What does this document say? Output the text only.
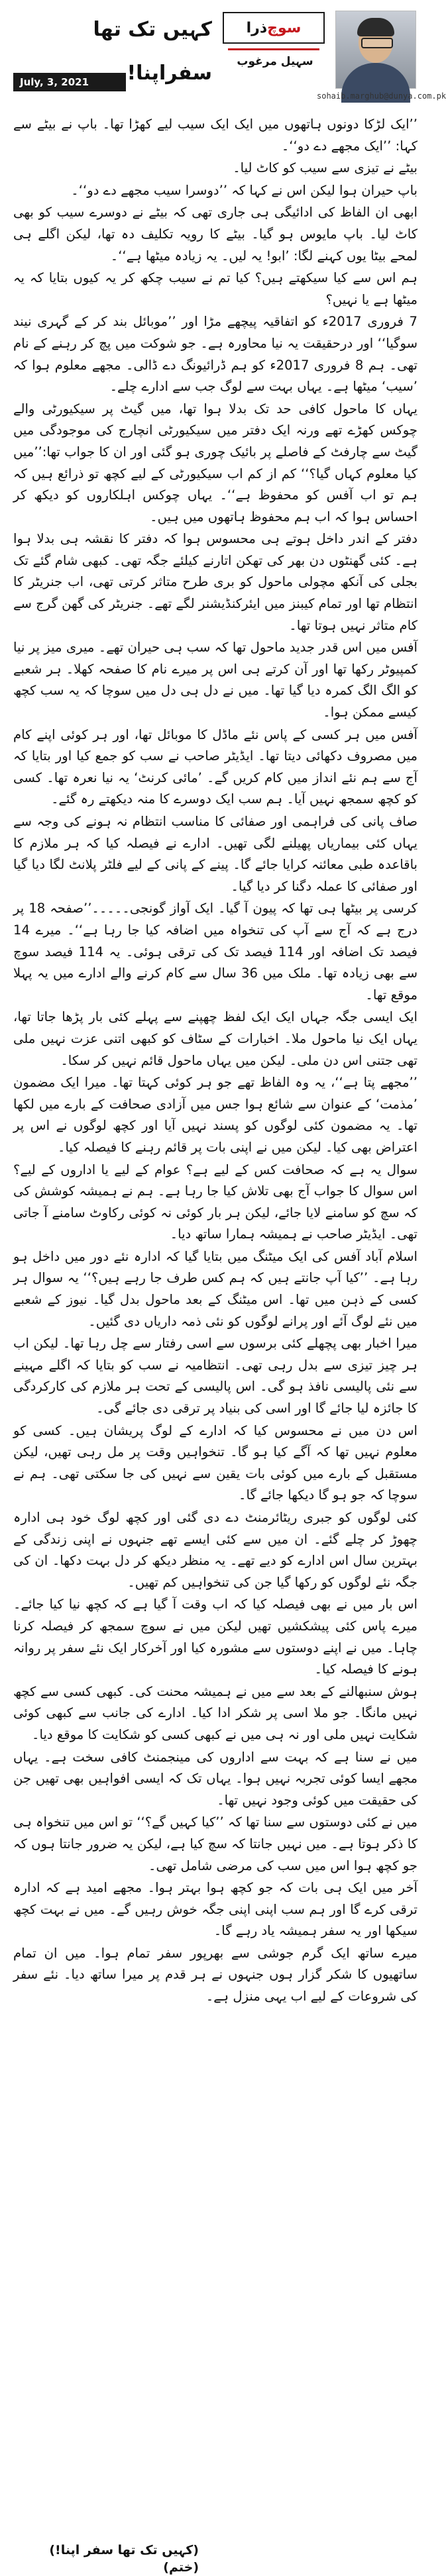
سوچ
ذرا
سہیل مرغوب
sohaib.marghub@dunya.com.pk
کہیں تک تھا سفراپنا!
July, 3, 2021

’’ایک لڑکا دونوں ہاتھوں میں ایک ایک سیب لیے کھڑا تھا۔ باپ نے بیٹے سے کہا: ’’ایک مجھے دے دو‘‘۔

بیٹے نے تیزی سے سیب کو کاٹ لیا۔

باپ حیران ہوا لیکن اس نے کہا کہ ’’دوسرا سیب مجھے دے دو‘‘۔

ابھی ان الفاظ کی ادائیگی ہی جاری تھی کہ بیٹے نے دوسرے سیب کو بھی کاٹ لیا۔ باپ مایوس ہو گیا۔ بیٹے کا رویہ تکلیف دہ تھا، لیکن اگلے ہی لمحے بیٹا یوں کہنے لگا: ’ابو! یہ لیں۔ یہ زیادہ میٹھا ہے‘‘۔

ہم اس سے کیا سیکھتے ہیں؟ کیا تم نے سیب چکھ کر یہ کیوں بتایا کہ یہ میٹھا ہے یا نہیں؟

7 فروری 2017ء کو اتفاقیہ پیچھے مڑا اور ’’موبائل بند کر کے گہری نیند سوگیا‘‘ اور درحقیقت یہ نیا محاورہ ہے۔ جو شوکت میں پچ کر رہنے کے نام تھی۔ ہم 8 فروری 2017ء کو ہم ڈرائیونگ دے ڈالی۔ مجھے معلوم ہوا کہ ’سیب‘ میٹھا ہے۔ یہاں بہت سے لوگ جب سے ادارے چلے۔

یہاں کا ماحول کافی حد تک بدلا ہوا تھا، میں گیٹ پر سیکیورٹی والے چوکس کھڑے تھے ورنہ ایک دفتر میں سیکیورٹی انچارج کی موجودگی میں گیٹ سے چارفٹ کے فاصلے پر بائیک چوری ہو گئی اور ان کا جواب تھا:’’میں کیا معلوم کہاں گیا؟‘‘ کم از کم اب سیکیورٹی کے لیے کچھ تو ذرائع ہیں کہ ہم تو اب آفس کو محفوظ ہے‘‘۔ یہاں چوکس اہلکاروں کو دیکھ کر احساس ہوا کہ اب ہم محفوظ ہاتھوں میں ہیں۔

دفتر کے اندر داخل ہوتے ہی محسوس ہوا کہ دفتر کا نقشہ ہی بدلا ہوا ہے۔ کئی گھنٹوں دن بھر کی تھکن اتارنے کیلئے جگہ تھی۔ کبھی شام گئے تک بجلی کی آنکھ مچولی ماحول کو بری طرح متاثر کرتی تھی، اب جنریٹر کا انتظام تھا اور تمام کیبنز میں ایئرکنڈیشنر لگے تھے۔ جنریٹر کی گھن گرج سے کام متاثر نہیں ہوتا تھا۔

آفس میں اس قدر جدید ماحول تھا کہ سب ہی حیران تھے۔ میری میز پر نیا کمپیوٹر رکھا تھا اور آن کرتے ہی اس پر میرے نام کا صفحہ کھلا۔ ہر شعبے کو الگ الگ کمرہ دیا گیا تھا۔ میں نے دل ہی دل میں سوچا کہ یہ سب کچھ کیسے ممکن ہوا۔

آفس میں ہر کسی کے پاس نئے ماڈل کا موبائل تھا، اور ہر کوئی اپنے کام میں مصروف دکھائی دیتا تھا۔ ایڈیٹر صاحب نے سب کو جمع کیا اور بتایا کہ آج سے ہم نئے انداز میں کام کریں گے۔ ’مائی کرنٹ‘ یہ نیا نعرہ تھا۔ کسی کو کچھ سمجھ نہیں آیا۔ ہم سب ایک دوسرے کا منہ دیکھتے رہ گئے۔

صاف پانی کی فراہمی اور صفائی کا مناسب انتظام نہ ہونے کی وجہ سے یہاں کئی بیماریاں پھیلنے لگی تھیں۔ ادارے نے فیصلہ کیا کہ ہر ملازم کا باقاعدہ طبی معائنہ کرایا جائے گا۔ پینے کے پانی کے لیے فلٹر پلانٹ لگا دیا گیا اور صفائی کا عملہ دگنا کر دیا گیا۔

کرسی پر بیٹھا ہی تھا کہ پیون آ گیا۔ ایک آواز گونجی۔۔۔۔۔’’صفحہ 18 پر درج ہے کہ آج سے آپ کی تنخواہ میں اضافہ کیا جا رہا ہے‘‘۔ میرے 14 فیصد تک اضافہ اور 114 فیصد تک کی ترقی ہوئی۔ یہ 114 فیصد سوچ سے بھی زیادہ تھا۔ ملک میں 36 سال سے کام کرنے والے ادارے میں یہ پہلا موقع تھا۔

ایک ایسی جگہ جہاں ایک ایک لفظ چھپنے سے پہلے کئی بار پڑھا جاتا تھا، یہاں ایک نیا ماحول ملا۔ اخبارات کے سٹاف کو کبھی اتنی عزت نہیں ملی تھی جتنی اس دن ملی۔ لیکن میں یہاں ماحول قائم نہیں کر سکا۔

’’مجھے پتا ہے‘‘، یہ وہ الفاظ تھے جو ہر کوئی کہتا تھا۔ میرا ایک مضمون ’مذمت‘ کے عنوان سے شائع ہوا جس میں آزادی صحافت کے بارے میں لکھا تھا۔ یہ مضمون کئی لوگوں کو پسند نہیں آیا اور کچھ لوگوں نے اس پر اعتراض بھی کیا۔ لیکن میں نے اپنی بات پر قائم رہنے کا فیصلہ کیا۔

سوال یہ ہے کہ صحافت کس کے لیے ہے؟ عوام کے لیے یا اداروں کے لیے؟ اس سوال کا جواب آج بھی تلاش کیا جا رہا ہے۔ ہم نے ہمیشہ کوشش کی کہ سچ کو سامنے لایا جائے، لیکن ہر بار کوئی نہ کوئی رکاوٹ سامنے آ جاتی تھی۔ ایڈیٹر صاحب نے ہمیشہ ہمارا ساتھ دیا۔

اسلام آباد آفس کی ایک میٹنگ میں بتایا گیا کہ ادارہ نئے دور میں داخل ہو رہا ہے۔ ’’کیا آپ جانتے ہیں کہ ہم کس طرف جا رہے ہیں؟‘‘ یہ سوال ہر کسی کے ذہن میں تھا۔ اس میٹنگ کے بعد ماحول بدل گیا۔ نیوز کے شعبے میں نئے لوگ آئے اور پرانے لوگوں کو نئی ذمہ داریاں دی گئیں۔

میرا اخبار بھی پچھلے کئی برسوں سے اسی رفتار سے چل رہا تھا۔ لیکن اب ہر چیز تیزی سے بدل رہی تھی۔ انتظامیہ نے سب کو بتایا کہ اگلے مہینے سے نئی پالیسی نافذ ہو گی۔ اس پالیسی کے تحت ہر ملازم کی کارکردگی کا جائزہ لیا جائے گا اور اسی کی بنیاد پر ترقی دی جائے گی۔

اس دن میں نے محسوس کیا کہ ادارے کے لوگ پریشان ہیں۔ کسی کو معلوم نہیں تھا کہ آگے کیا ہو گا۔ تنخواہیں وقت پر مل رہی تھیں، لیکن مستقبل کے بارے میں کوئی بات یقین سے نہیں کی جا سکتی تھی۔ ہم نے سوچا کہ جو ہو گا دیکھا جائے گا۔

کئی لوگوں کو جبری ریٹائرمنٹ دے دی گئی اور کچھ لوگ خود ہی ادارہ چھوڑ کر چلے گئے۔ ان میں سے کئی ایسے تھے جنہوں نے اپنی زندگی کے بہترین سال اس ادارے کو دیے تھے۔ یہ منظر دیکھ کر دل بہت دکھا۔ ان کی جگہ نئے لوگوں کو رکھا گیا جن کی تنخواہیں کم تھیں۔

اس بار میں نے بھی فیصلہ کیا کہ اب وقت آ گیا ہے کہ کچھ نیا کیا جائے۔ میرے پاس کئی پیشکشیں تھیں لیکن میں نے سوچ سمجھ کر فیصلہ کرنا چاہا۔ میں نے اپنے دوستوں سے مشورہ کیا اور آخرکار ایک نئے سفر پر روانہ ہونے کا فیصلہ کیا۔

ہوش سنبھالنے کے بعد سے میں نے ہمیشہ محنت کی۔ کبھی کسی سے کچھ نہیں مانگا۔ جو ملا اسی پر شکر ادا کیا۔ ادارے کی جانب سے کبھی کوئی شکایت نہیں ملی اور نہ ہی میں نے کبھی کسی کو شکایت کا موقع دیا۔

میں نے سنا ہے کہ بہت سے اداروں کی مینجمنٹ کافی سخت ہے۔ یہاں مجھے ایسا کوئی تجربہ نہیں ہوا۔ یہاں تک کہ ایسی افواہیں بھی تھیں جن کی حقیقت میں کوئی وجود نہیں تھا۔

میں نے کئی دوستوں سے سنا تھا کہ ’’کیا کہیں گے؟‘‘ تو اس میں تنخواہ ہی کا ذکر ہوتا ہے۔ میں نہیں جانتا کہ سچ کیا ہے، لیکن یہ ضرور جانتا ہوں کہ جو کچھ ہوا اس میں سب کی مرضی شامل تھی۔

آخر میں ایک ہی بات کہ جو کچھ ہوا بہتر ہوا۔ مجھے امید ہے کہ ادارہ ترقی کرے گا اور ہم سب اپنی اپنی جگہ خوش رہیں گے۔ میں نے بہت کچھ سیکھا اور یہ سفر ہمیشہ یاد رہے گا۔

میرے ساتھ ایک گرم جوشی سے بھرپور سفر تمام ہوا۔ میں ان تمام ساتھیوں کا شکر گزار ہوں جنہوں نے ہر قدم پر میرا ساتھ دیا۔ نئے سفر کی شروعات کے لیے اب یہی منزل ہے۔

(کہیں تک تھا سفر اپنا!) (ختم)
